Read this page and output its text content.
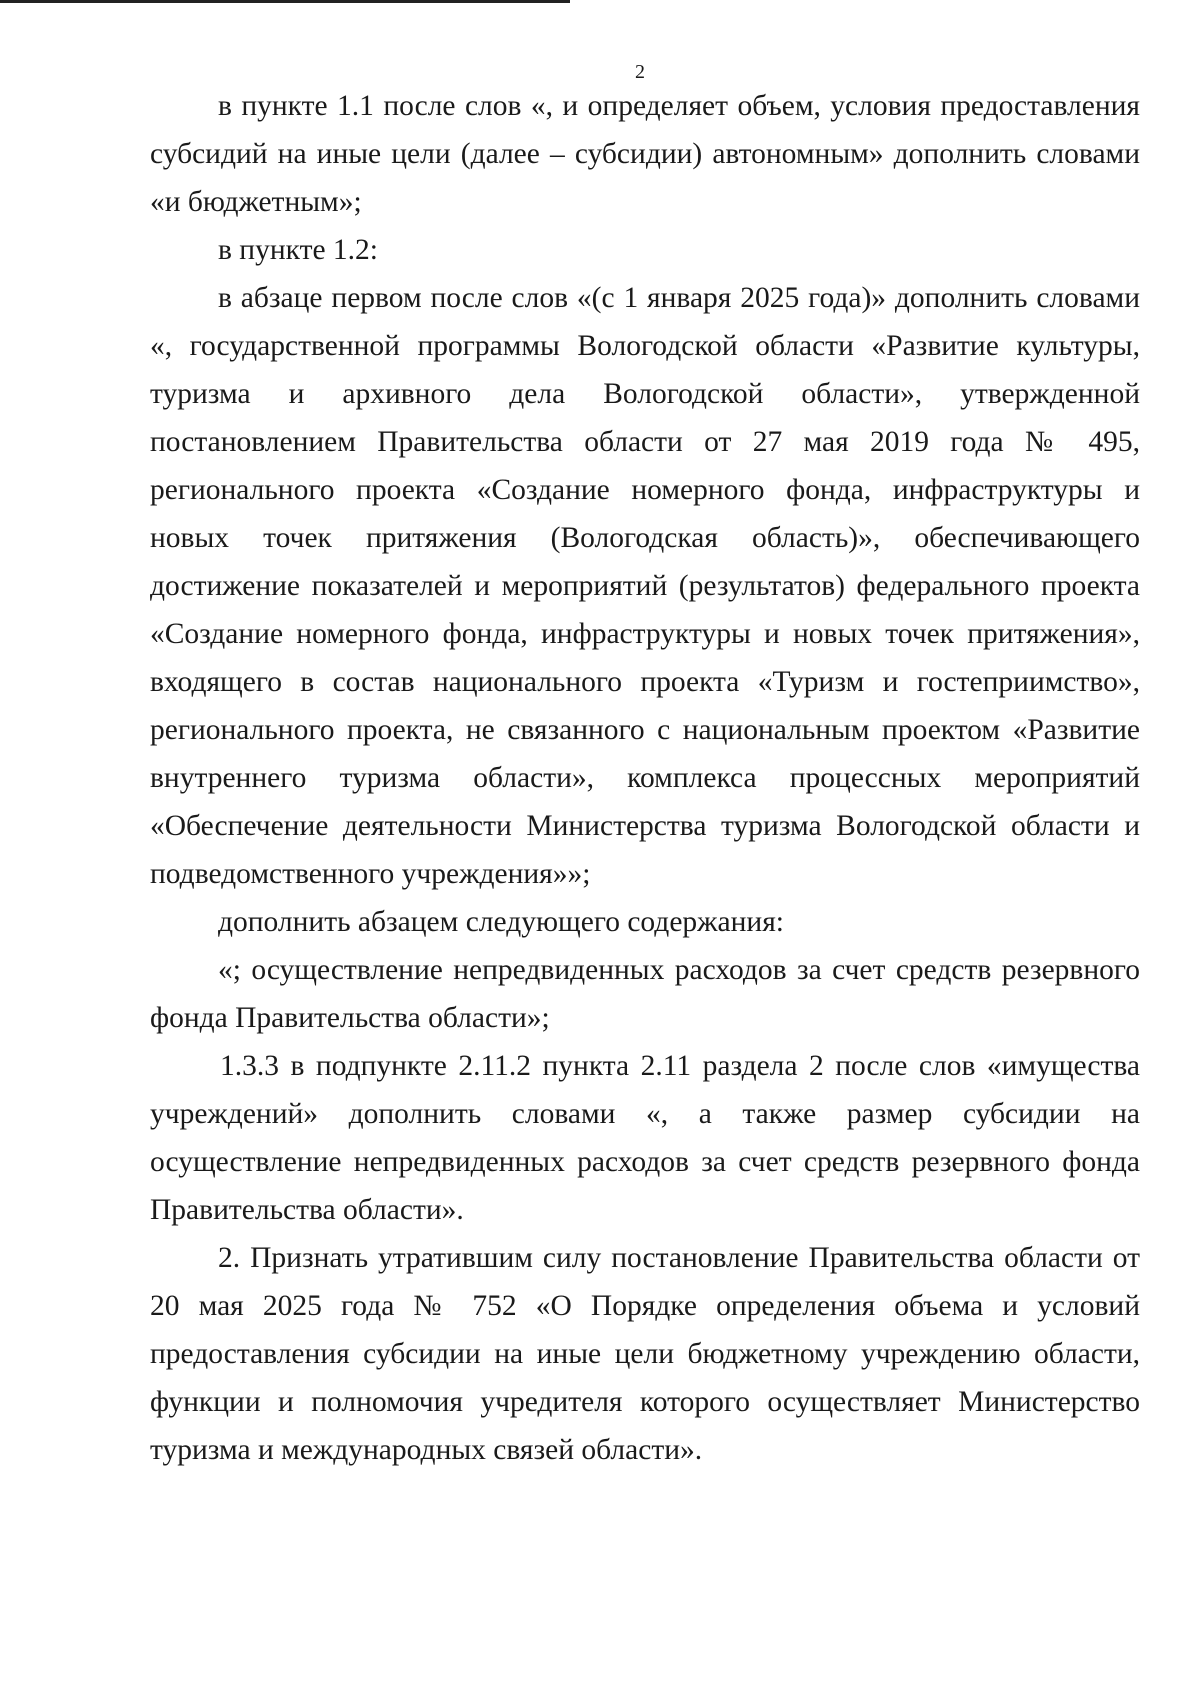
2

в пункте 1.1 после слов «, и определяет объем, условия предоставления субсидий на иные цели (далее – субсидии) автономным» дополнить словами «и бюджетным»;

в пункте 1.2:

в абзаце первом после слов «(с 1 января 2025 года)» дополнить словами «, государственной программы Вологодской области «Развитие культуры, туризма и архивного дела Вологодской области», утвержденной постановлением Правительства области от 27 мая 2019 года № 495, регионального проекта «Создание номерного фонда, инфраструктуры и новых точек притяжения (Вологодская область)», обеспечивающего достижение показателей и мероприятий (результатов) федерального проекта «Создание номерного фонда, инфраструктуры и новых точек притяжения», входящего в состав национального проекта «Туризм и гостеприимство», регионального проекта, не связанного с национальным проектом «Развитие внутреннего туризма области», комплекса процессных мероприятий «Обеспечение деятельности Министерства туризма Вологодской области и подведомственного учреждения»»;

дополнить абзацем следующего содержания:

«; осуществление непредвиденных расходов за счет средств резервного фонда Правительства области»;

1.3.3 в подпункте 2.11.2 пункта 2.11 раздела 2 после слов «имущества учреждений» дополнить словами «, а также размер субсидии на осуществление непредвиденных расходов за счет средств резервного фонда Правительства области».

2. Признать утратившим силу постановление Правительства области от 20 мая 2025 года № 752 «О Порядке определения объема и условий предоставления субсидии на иные цели бюджетному учреждению области, функции и полномочия учредителя которого осуществляет Министерство туризма и международных связей области».
